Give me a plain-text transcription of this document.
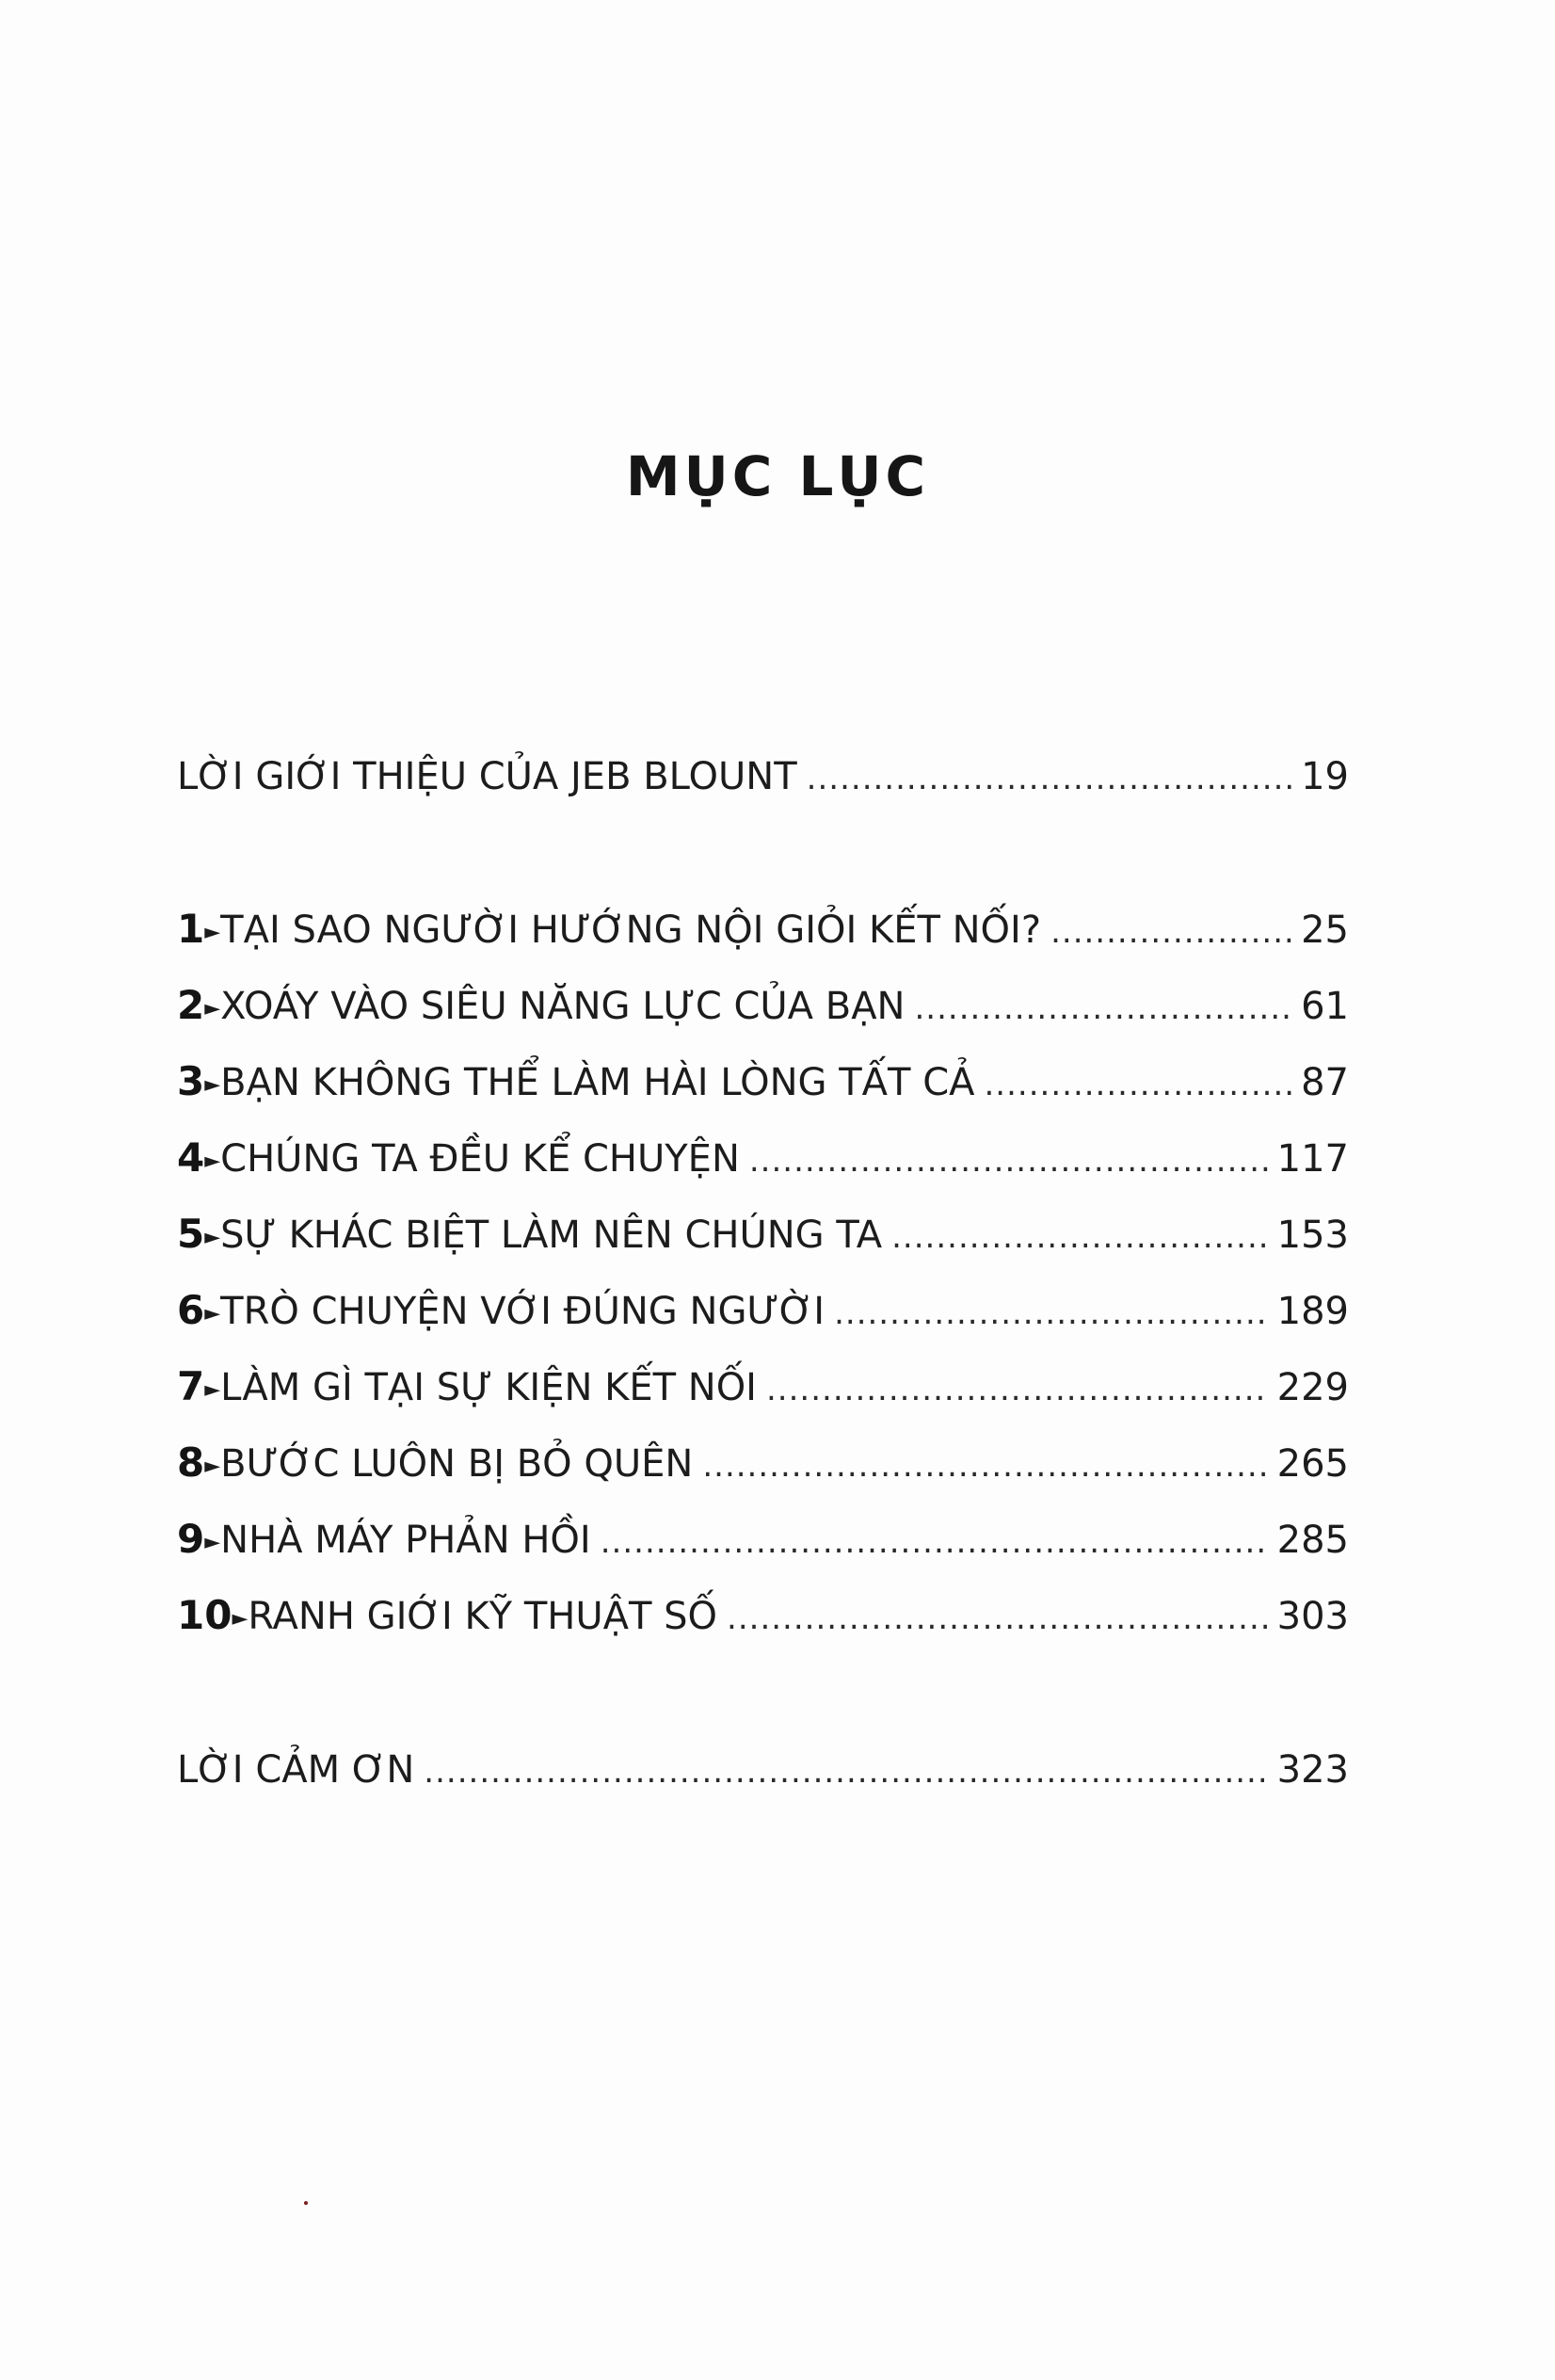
MỤC LỤC
LỜI GIỚI THIỆU CỦA JEB BLOUNT .....	19
1 ► TẠI SAO NGƯỜI HƯỚNG NỘI GIỎI KẾT NỐI? .....	25
2 ► XOÁY VÀO SIÊU NĂNG LỰC CỦA BẠN .....	61
3 ► BẠN KHÔNG THỂ LÀM HÀI LÒNG TẤT CẢ .....	87
4 ► CHÚNG TA ĐỀU KỂ CHUYỆN .....	117
5 ► SỰ KHÁC BIỆT LÀM NÊN CHÚNG TA .....	153
6 ► TRÒ CHUYỆN VỚI ĐÚNG NGƯỜI .....	189
7 ► LÀM GÌ TẠI SỰ KIỆN KẾT NỐI .....	229
8 ► BƯỚC LUÔN BỊ BỎ QUÊN .....	265
9 ► NHÀ MÁY PHẢN HỒI .....	285
10 ► RANH GIỚI KỸ THUẬT SỐ .....	303
LỜI CẢM ƠN .....	323
